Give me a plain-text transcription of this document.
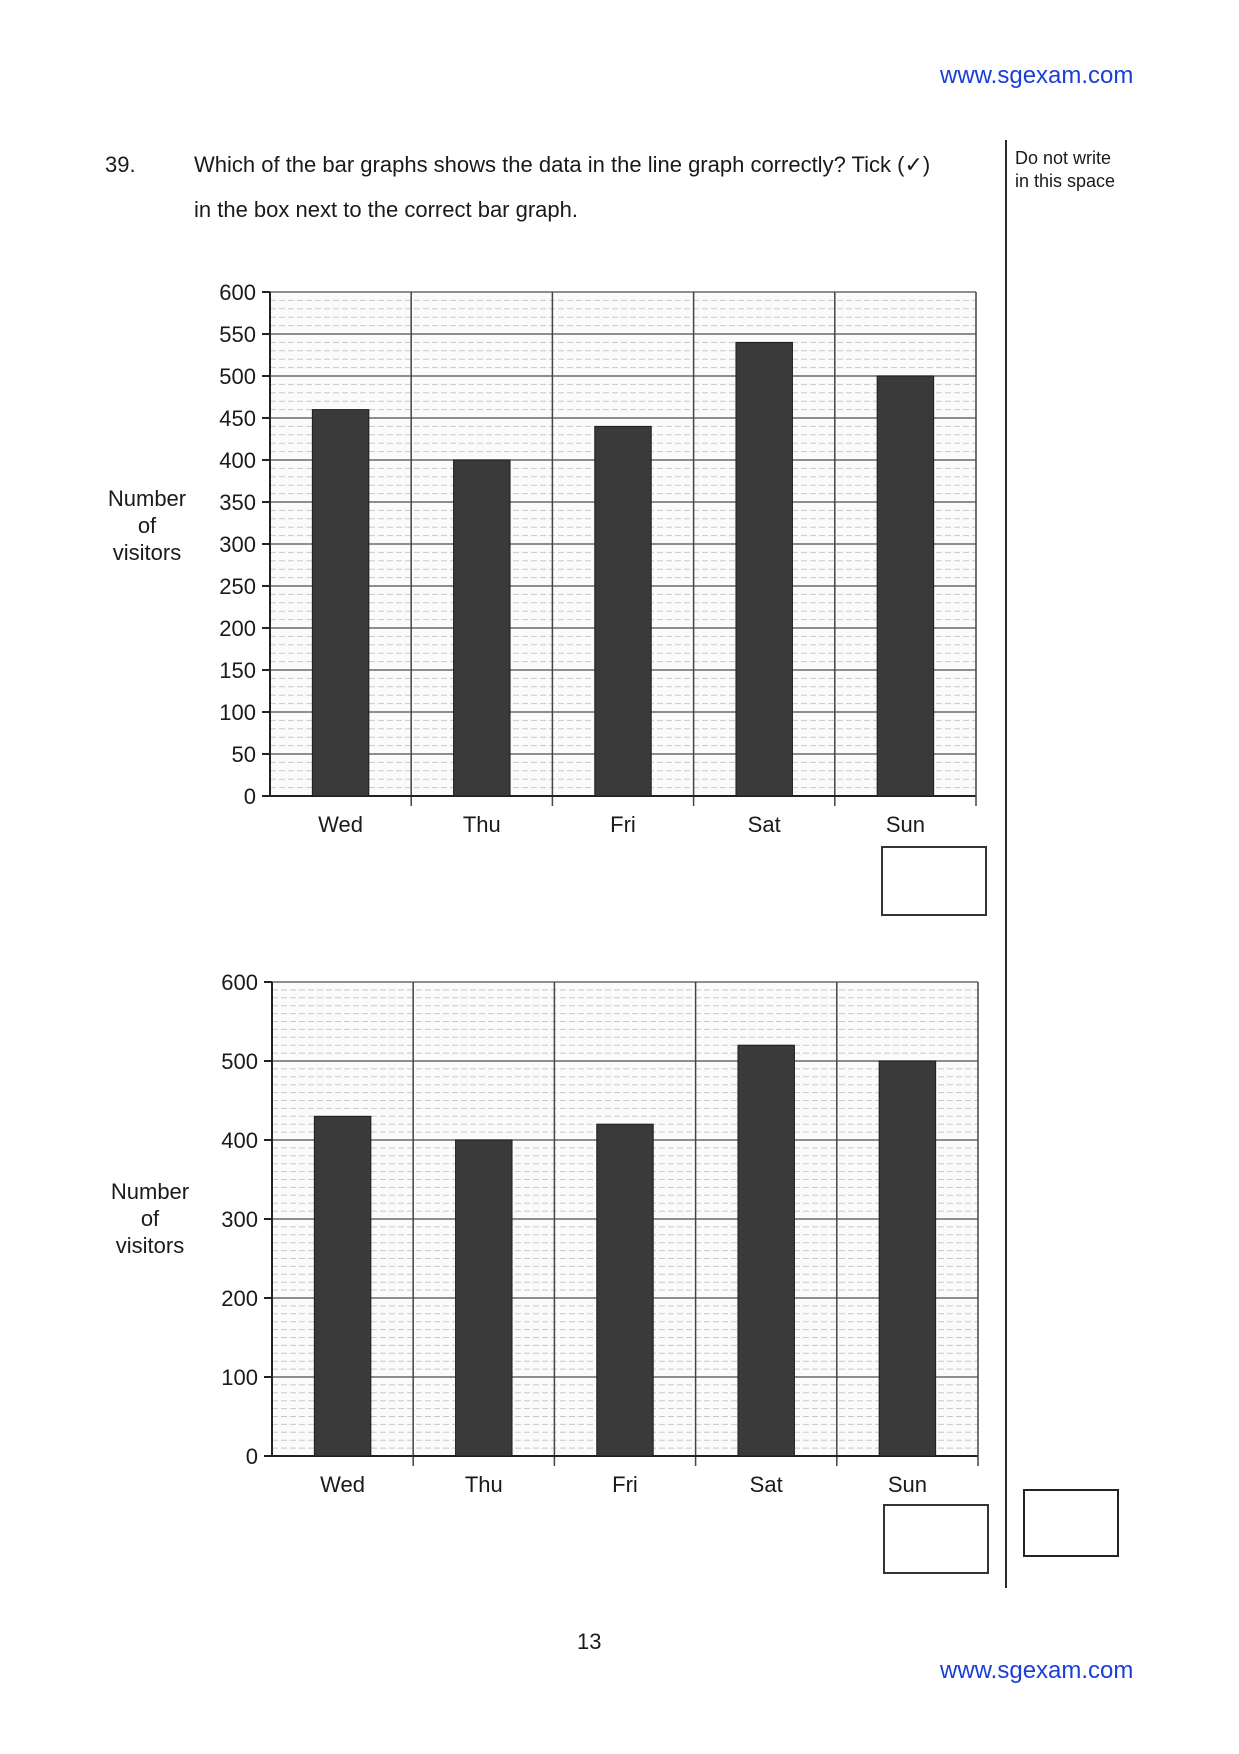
www.sgexam.com
39.	Which of the bar graphs shows the data in the line graph correctly? Tick (✓)
in the box next to the correct bar graph.
Do not write
in this space
Number
of
visitors
0
50
100
150
200
250
300
350
400
450
500
550
600
Wed	Thu	Fri	Sat	Sun
Number
of
visitors
0
100
200
300
400
500
600
Wed	Thu	Fri	Sat	Sun
13
www.sgexam.com
